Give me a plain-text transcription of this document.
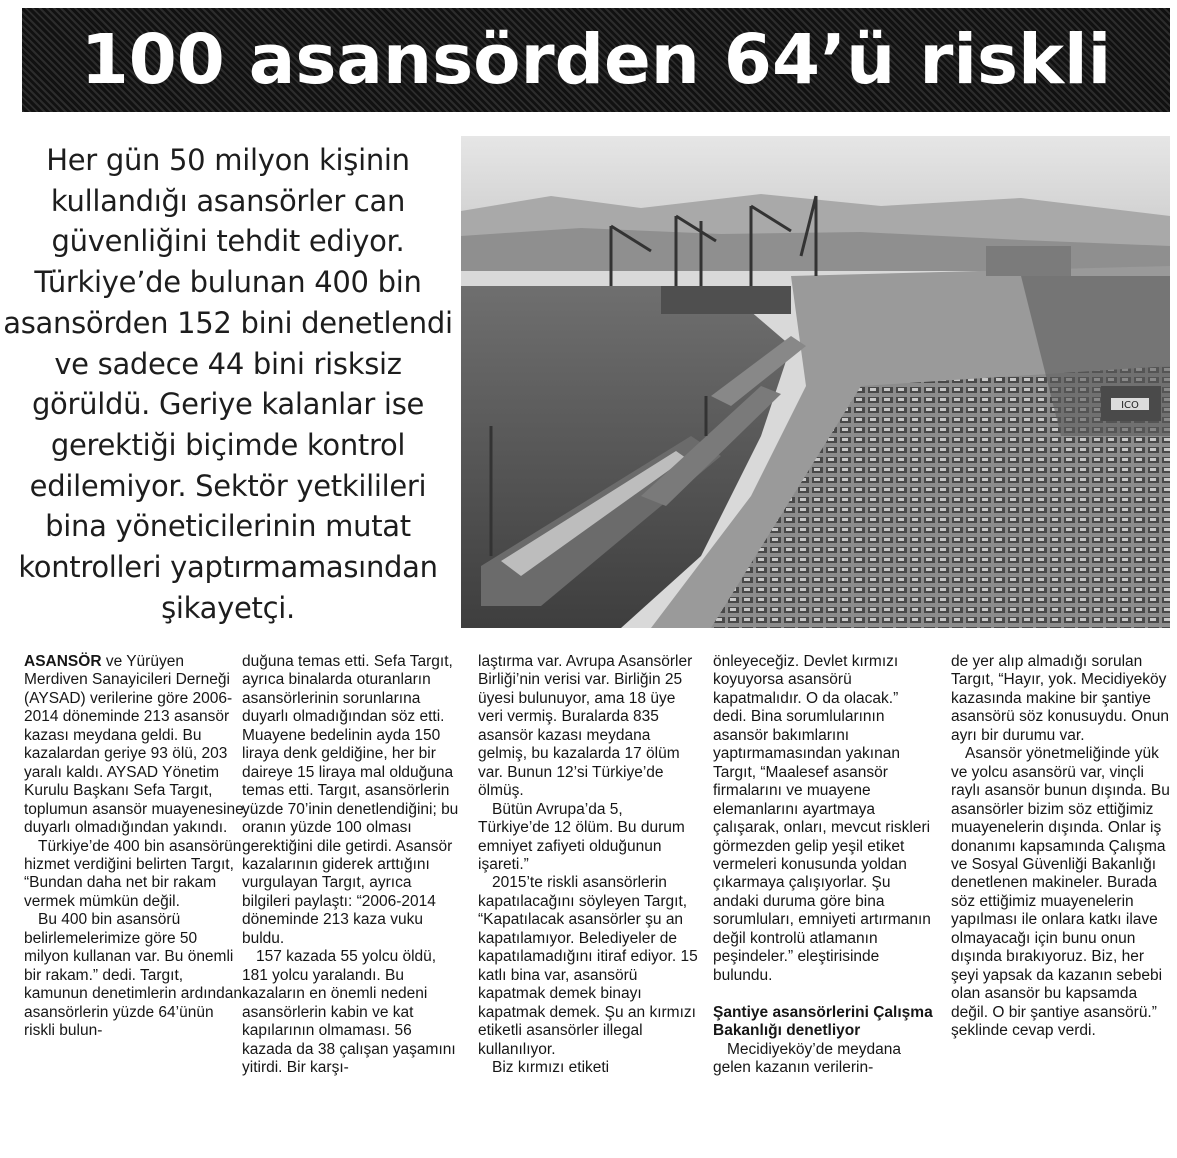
100 asansörden 64’ü riskli

Her gün 50 milyon kişinin kullandığı asansörler can güvenliğini tehdit ediyor. Türkiye’de bulunan 400 bin asansörden 152 bini denetlendi ve sadece 44 bini risksiz görüldü. Geriye kalanlar ise gerektiği biçimde kontrol edilemiyor. Sektör yetkilileri bina yöneticilerinin mutat kontrolleri yaptırmamasından şikayetçi.

ICO

ASANSÖR ve Yürüyen Merdiven Sanayicileri Derneği (AYSAD) verilerine göre 2006-2014 döneminde 213 asansör kazası meydana geldi. Bu kazalardan geriye 93 ölü, 203 yaralı kaldı. AYSAD Yönetim Kurulu Başkanı Sefa Targıt, toplumun asansör muayenesine duyarlı olmadığından yakındı.

Türkiye’de 400 bin asansörün hizmet verdiğini belirten Targıt, “Bundan daha net bir rakam vermek mümkün değil.

Bu 400 bin asansörü belirlemelerimize göre 50 milyon kullanan var. Bu önemli bir rakam.” dedi. Targıt, kamunun denetimlerin ardından asansörlerin yüzde 64’ünün riskli bulun-

duğuna temas etti. Sefa Targıt, ayrıca binalarda oturanların asansörlerinin sorunlarına duyarlı olmadığından söz etti. Muayene bedelinin ayda 150 liraya denk geldiğine, her bir daireye 15 liraya mal olduğuna temas etti. Targıt, asansörlerin yüzde 70’inin denetlendiğini; bu oranın yüzde 100 olması gerektiğini dile getirdi. Asansör kazalarının giderek arttığını vurgulayan Targıt, ayrıca bilgileri paylaştı: “2006-2014 döneminde 213 kaza vuku buldu.

157 kazada 55 yolcu öldü, 181 yolcu yaralandı. Bu kazaların en önemli nedeni asansörlerin kabin ve kat kapılarının olmaması. 56 kazada da 38 çalışan yaşamını yitirdi. Bir karşı-

laştırma var. Avrupa Asansörler Birliği’nin verisi var. Birliğin 25 üyesi bulunuyor, ama 18 üye veri vermiş. Buralarda 835 asansör kazası meydana gelmiş, bu kazalarda 17 ölüm var. Bunun 12’si Türkiye’de ölmüş.

Bütün Avrupa’da 5, Türkiye’de 12 ölüm. Bu durum emniyet zafiyeti olduğunun işareti.”

2015’te riskli asansörlerin kapatılacağını söyleyen Targıt, “Kapatılacak asansörler şu an kapatılamıyor. Belediyeler de kapatılamadığını itiraf ediyor. 15 katlı bina var, asansörü kapatmak demek binayı kapatmak demek. Şu an kırmızı etiketli asansörler illegal kullanılıyor.

Biz kırmızı etiketi

önleyeceğiz. Devlet kırmızı koyuyorsa asansörü kapatmalıdır. O da olacak.” dedi. Bina sorumlularının asansör bakımlarını yaptırmamasından yakınan Targıt, “Maalesef asansör firmalarını ve muayene elemanlarını ayartmaya çalışarak, onları, mevcut riskleri görmezden gelip yeşil etiket vermeleri konusunda yoldan çıkarmaya çalışıyorlar. Şu andaki duruma göre bina sorumluları, emniyeti artırmanın değil kontrolü atlamanın peşindeler.” eleştirisinde bulundu.

Şantiye asansörlerini Çalışma Bakanlığı denetliyor

Mecidiyeköy’de meydana gelen kazanın verilerin-

de yer alıp almadığı sorulan Targıt, “Hayır, yok. Mecidiyeköy kazasında makine bir şantiye asansörü söz konusuydu. Onun ayrı bir durumu var.

Asansör yönetmeliğinde yük ve yolcu asansörü var, vinçli raylı asansör bunun dışında. Bu asansörler bizim söz ettiğimiz muayenelerin dışında. Onlar iş donanımı kapsamında Çalışma ve Sosyal Güvenliği Bakanlığı denetlenen makineler. Burada söz ettiğimiz muayenelerin yapılması ile onlara katkı ilave olmayacağı için bunu onun dışında bırakıyoruz. Biz, her şeyi yapsak da kazanın sebebi olan asansör bu kapsamda değil. O bir şantiye asansörü.” şeklinde cevap verdi.
